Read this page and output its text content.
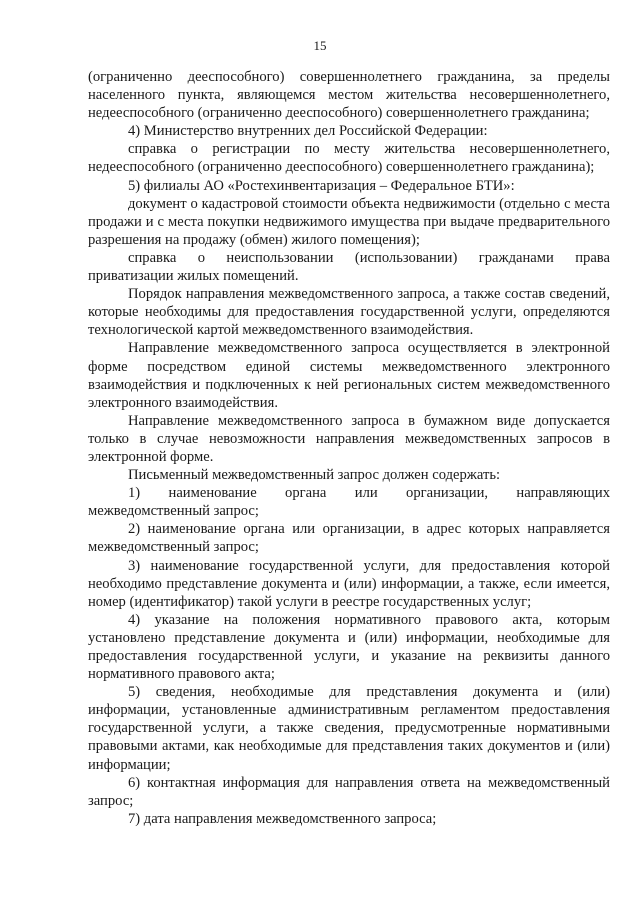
15

(ограниченно дееспособного) совершеннолетнего гражданина, за пределы населенного пункта, являющемся местом жительства несовершеннолетнего, недееспособного (ограниченно дееспособного) совершеннолетнего гражданина;

4) Министерство внутренних дел Российской Федерации:

справка о регистрации по месту жительства несовершеннолетнего, недееспособного (ограниченно дееспособного) совершеннолетнего гражданина);

5) филиалы АО «Ростехинвентаризация – Федеральное БТИ»:

документ о кадастровой стоимости объекта недвижимости (отдельно с места продажи и с места покупки недвижимого имущества при выдаче предварительного разрешения на продажу (обмен) жилого помещения);

справка о неиспользовании (использовании) гражданами права приватизации жилых помещений.

Порядок направления межведомственного запроса, а также состав сведений, которые необходимы для предоставления государственной услуги, определяются технологической картой межведомственного взаимодействия.

Направление межведомственного запроса осуществляется в электронной форме посредством единой системы межведомственного электронного взаимодействия и подключенных к ней региональных систем межведомственного электронного взаимодействия.

Направление межведомственного запроса в бумажном виде допускается только в случае невозможности направления межведомственных запросов в электронной форме.

Письменный межведомственный запрос должен содержать:

1) наименование органа или организации, направляющих межведомственный запрос;

2) наименование органа или организации, в адрес которых направляется межведомственный запрос;

3) наименование государственной услуги, для предоставления которой необходимо представление документа и (или) информации, а также, если имеется, номер (идентификатор) такой услуги в реестре государственных услуг;

4) указание на положения нормативного правового акта, которым установлено представление документа и (или) информации, необходимые для предоставления государственной услуги, и указание на реквизиты данного нормативного правового акта;

5) сведения, необходимые для представления документа и (или) информации, установленные административным регламентом предоставления государственной услуги, а также сведения, предусмотренные нормативными правовыми актами, как необходимые для представления таких документов и (или) информации;

6) контактная информация для направления ответа на межведомственный запрос;

7) дата направления межведомственного запроса;
